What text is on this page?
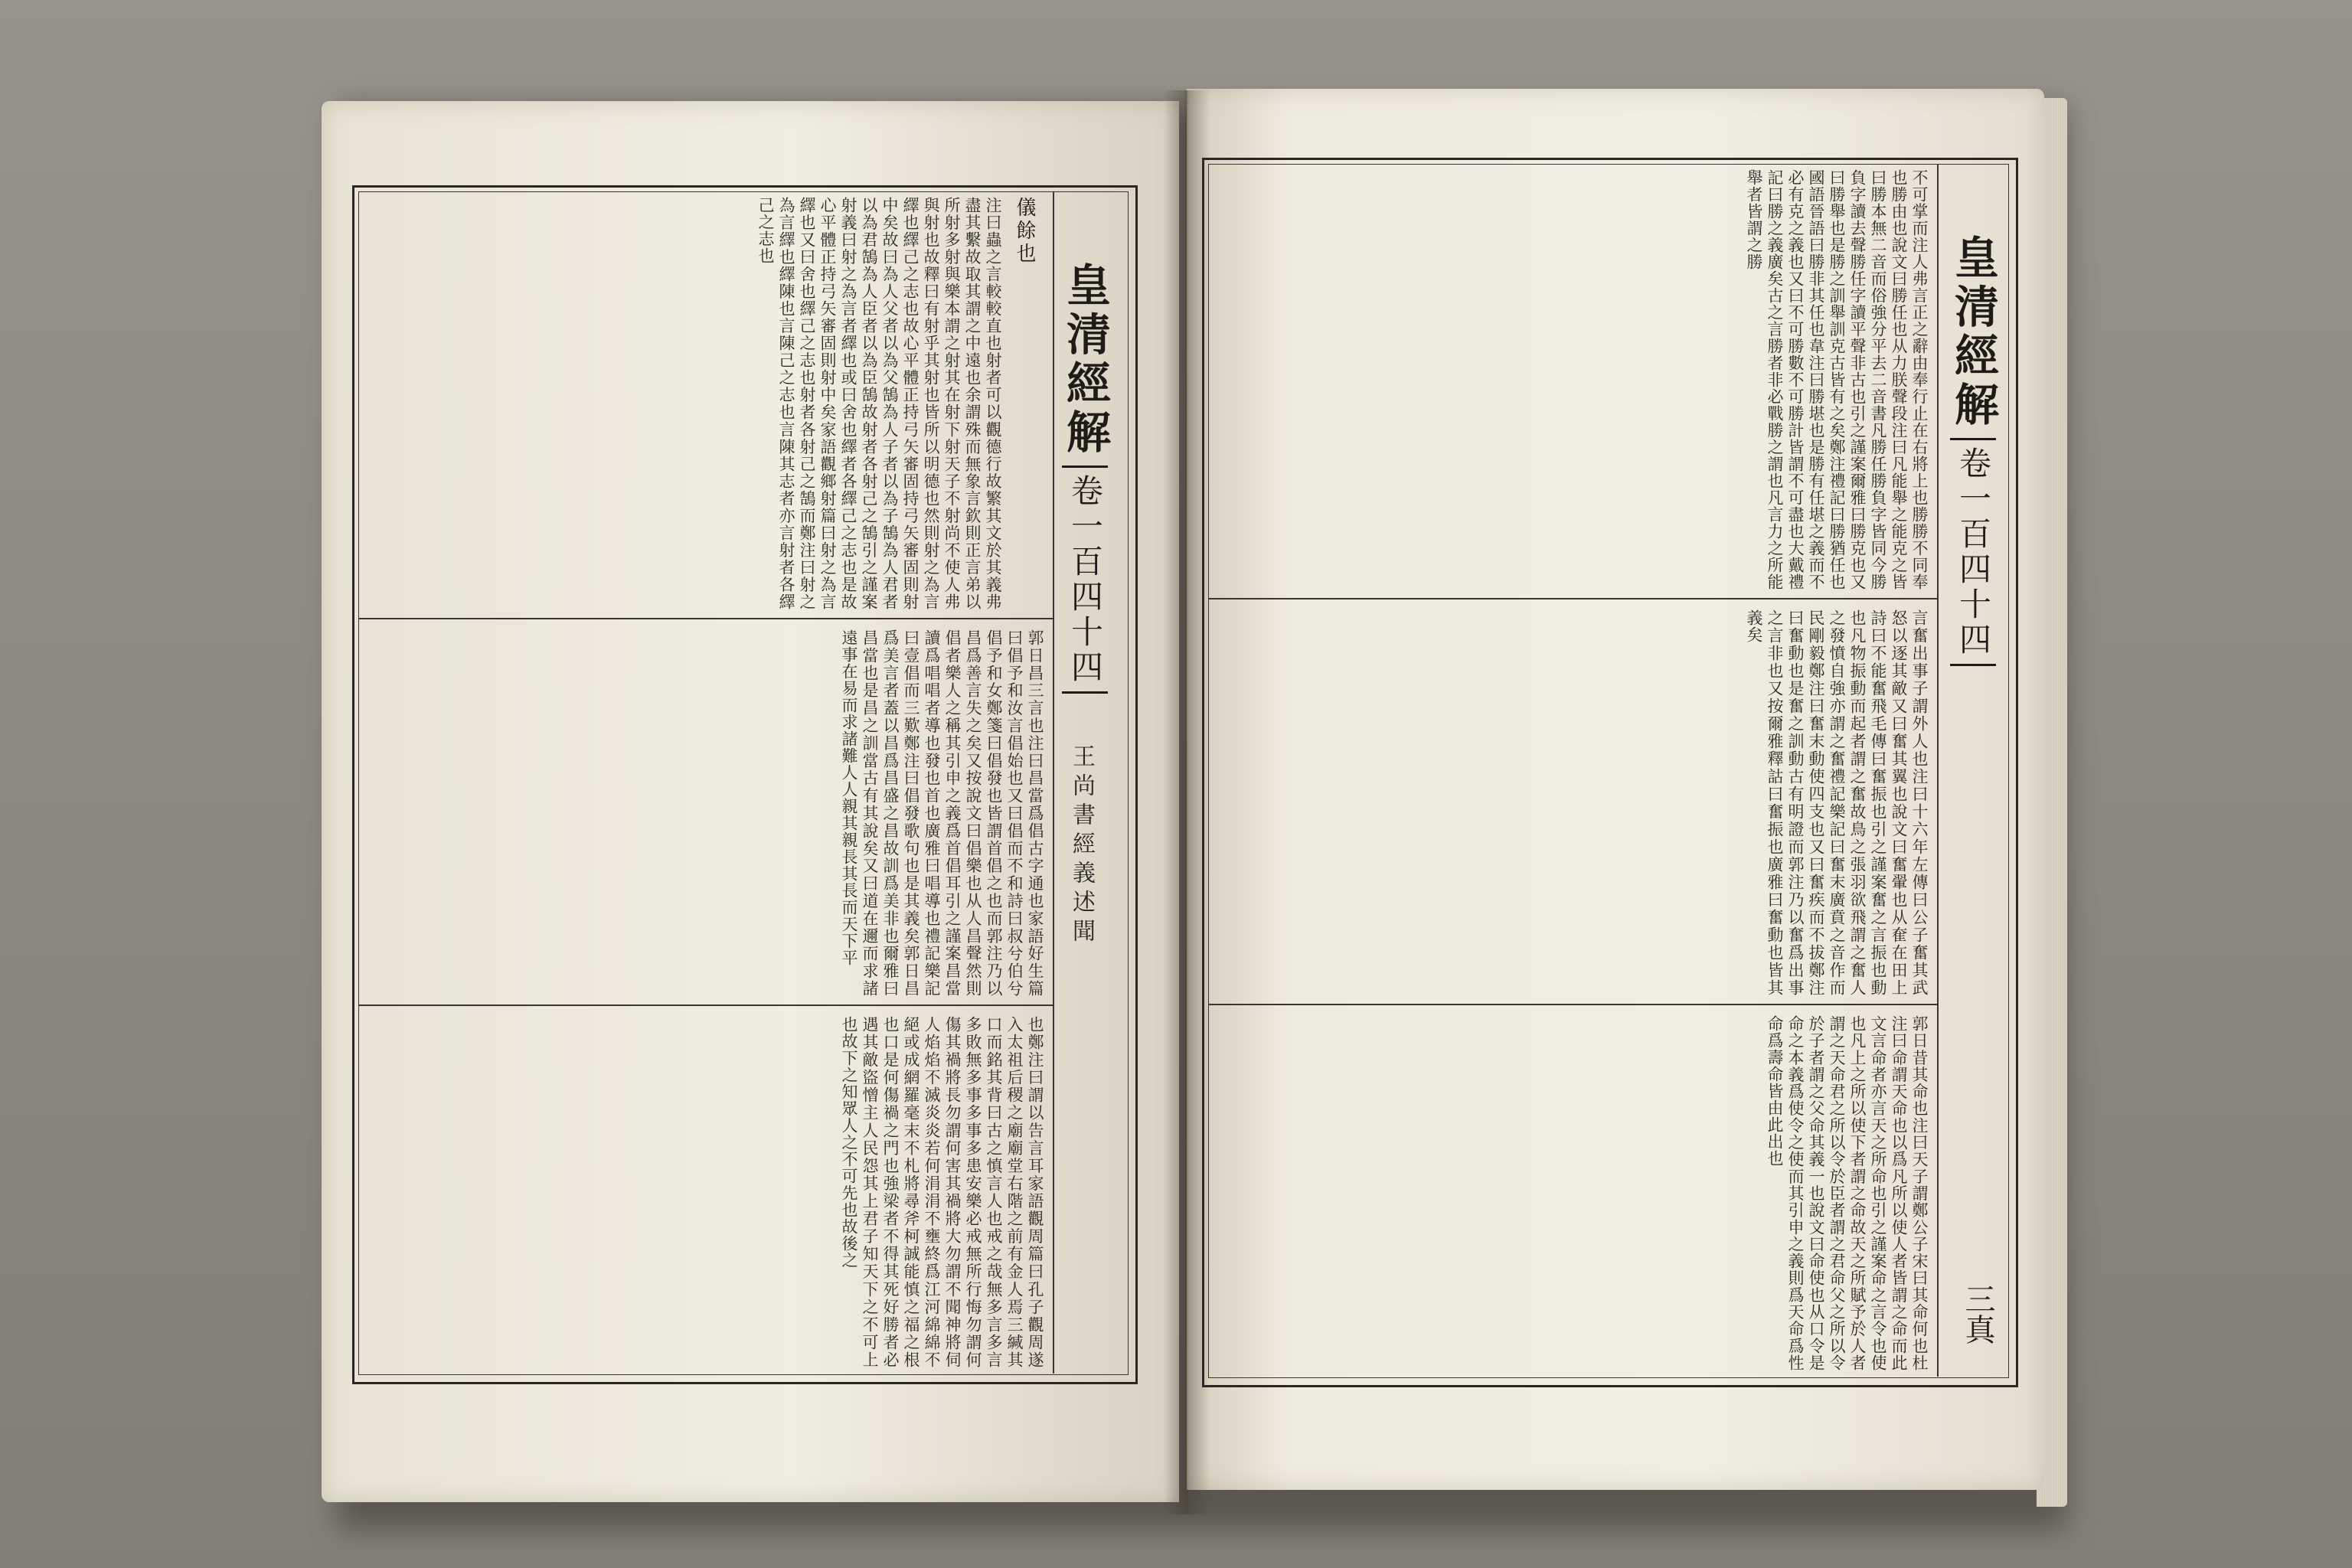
皇清經解
卷一百四十四
王尚書經義述聞
儀餘也

注曰蟲之言較較直也射者可以觀德行故繁其文於其義弗盡其繫故取其謂之中遠也余謂殊而無象言欽則正言弟以所射多射與樂本謂之射其在射下射天子不射尚不使人弗與射也故釋曰有射乎其射也皆所以明德也然則射之為言繹也繹己之志也故心平體正持弓矢審固持弓矢審固則射中矣故曰為人父者以為父鵠為人子者以為子鵠為人君者以為君鵠為人臣者以為臣鵠故射者各射己之鵠引之謹案射義曰射之為言者繹也或曰舍也繹者各繹己之志也是故心平體正持弓矢審固則射中矣家語觀鄉射篇曰射之為言繹也又曰舍也繹己之志也射者各射己之鵠而鄭注曰射之為言繹也繹陳也言陳己之志也言陳其志者亦言射者各繹己之志也

郭日昌三言也注曰昌當爲倡古字通也家語好生篇曰倡予和汝言倡始也又曰倡而不和詩曰叔兮伯兮倡予和女鄭箋曰倡發也皆謂首倡之也而郭注乃以昌爲善言失之矣又按說文曰倡樂也从人昌聲然則倡者樂人之稱其引申之義爲首倡耳引之謹案昌當讀爲唱唱者導也發也首也廣雅曰唱導也禮記樂記曰壹倡而三歎鄭注曰倡發歌句也是其義矣郭日昌爲美言者蓋以昌爲昌盛之昌故訓爲美非也爾雅曰昌當也是昌之訓當古有其說矣又曰道在邇而求諸遠事在易而求諸難人人親其親長其長而天下平

也鄭注曰謂以告言耳家語觀周篇曰孔子觀周遂入太祖后稷之廟廟堂右階之前有金人焉三緘其口而銘其背曰古之慎言人也戒之哉無多言多言多敗無多事多事多患安樂必戒無所行悔勿謂何傷其禍將長勿謂何害其禍將大勿謂不聞神將伺人焰焰不滅炎炎若何涓涓不壅終爲江河綿綿不絕或成網羅毫末不札將尋斧柯誠能慎之福之根也口是何傷禍之門也強梁者不得其死好勝者必遇其敵盜憎主人民怨其上君子知天下之不可上也故下之知眾人之不可先也故後之

皇清經解
卷一百四十四
三真

不可掌而注人弗言正之辭由奉行止在右將上也勝勝不同奉也勝由也說文曰勝任也从力朕聲段注曰凡能舉之能克之皆曰勝本無二音而俗強分平去二音書凡勝任勝負字皆同今勝負字讀去聲勝任字讀平聲非古也引之謹案爾雅曰勝克也又曰勝舉也是勝之訓舉訓克古皆有之矣鄭注禮記曰勝猶任也國語晉語曰勝非其任也韋注曰勝堪也是勝有任堪之義而不必有克之義也又曰不可勝數不可勝計皆謂不可盡也大戴禮記曰勝之義廣矣古之言勝者非必戰勝之謂也凡言力之所能舉者皆謂之勝

言奮出事子謂外人也注曰十六年左傳曰公子奮其武怒以逐其敵又曰奮其翼也說文曰奮翬也从奞在田上詩曰不能奮飛毛傳曰奮振也引之謹案奮之言振也動也凡物振動而起者謂之奮故鳥之張羽欲飛謂之奮人之發憤自強亦謂之奮禮記樂記曰奮末廣賁之音作而民剛毅鄭注曰奮末動使四支也又曰奮疾而不拔鄭注曰奮動也是奮之訓動古有明證而郭注乃以奮爲出事之言非也又按爾雅釋詁曰奮振也廣雅曰奮動也皆其義矣

郭日昔其命也注曰天子謂鄭公子宋曰其命何也杜注曰命謂天命也以爲凡所以使人者皆謂之命而此文言命者亦言天之所命也引之謹案命之言令也使也凡上之所以使下者謂之命故天之所賦予於人者謂之天命君之所以令於臣者謂之君命父之所以令於子者謂之父命其義一也說文曰命使也从口令是命之本義爲使令之使而其引申之義則爲天命爲性命爲壽命皆由此出也
